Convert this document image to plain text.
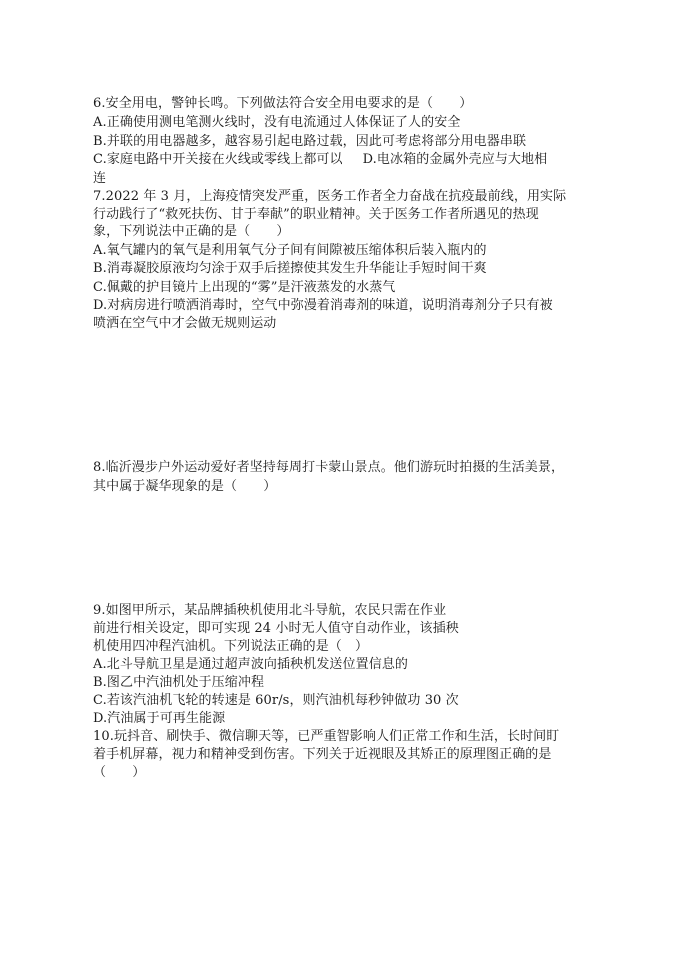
6.安全用电，警钟长鸣。下列做法符合安全用电要求的是（　　）
A.正确使用测电笔测火线时，没有电流通过人体保证了人的安全
B.并联的用电器越多，越容易引起电路过载，因此可考虑将部分用电器串联
C.家庭电路中开关接在火线或零线上都可以 D.电冰箱的金属外壳应与大地相
连
7.2022 年 3 月，上海疫情突发严重，医务工作者全力奋战在抗疫最前线，用实际
行动践行了“救死扶伤、甘于奉献”的职业精神。关于医务工作者所遇见的热现
象，下列说法中正确的是（　　）
A.氧气罐内的氧气是利用氧气分子间有间隙被压缩体积后装入瓶内的
B.消毒凝胶原液均匀涂于双手后搓擦使其发生升华能让手短时间干爽
C.佩戴的护目镜片上出现的“雾”是汗液蒸发的水蒸气
D.对病房进行喷洒消毒时，空气中弥漫着消毒剂的味道，说明消毒剂分子只有被
喷洒在空气中才会做无规则运动
8.临沂漫步户外运动爱好者坚持每周打卡蒙山景点。他们游玩时拍摄的生活美景，
其中属于凝华现象的是（　　）
9.如图甲所示，某品牌插秧机使用北斗导航，农民只需在作业
前进行相关设定，即可实现 24 小时无人值守自动作业，该插秧
机使用四冲程汽油机。下列说法正确的是（　）
A.北斗导航卫星是通过超声波向插秧机发送位置信息的
B.图乙中汽油机处于压缩冲程
C.若该汽油机飞轮的转速是 60r/s，则汽油机每秒钟做功 30 次
D.汽油属于可再生能源
10.玩抖音、刷快手、微信聊天等，已严重智影响人们正常工作和生活，长时间盯
着手机屏幕，视力和精神受到伤害。下列关于近视眼及其矫正的原理图正确的是
（　　）
